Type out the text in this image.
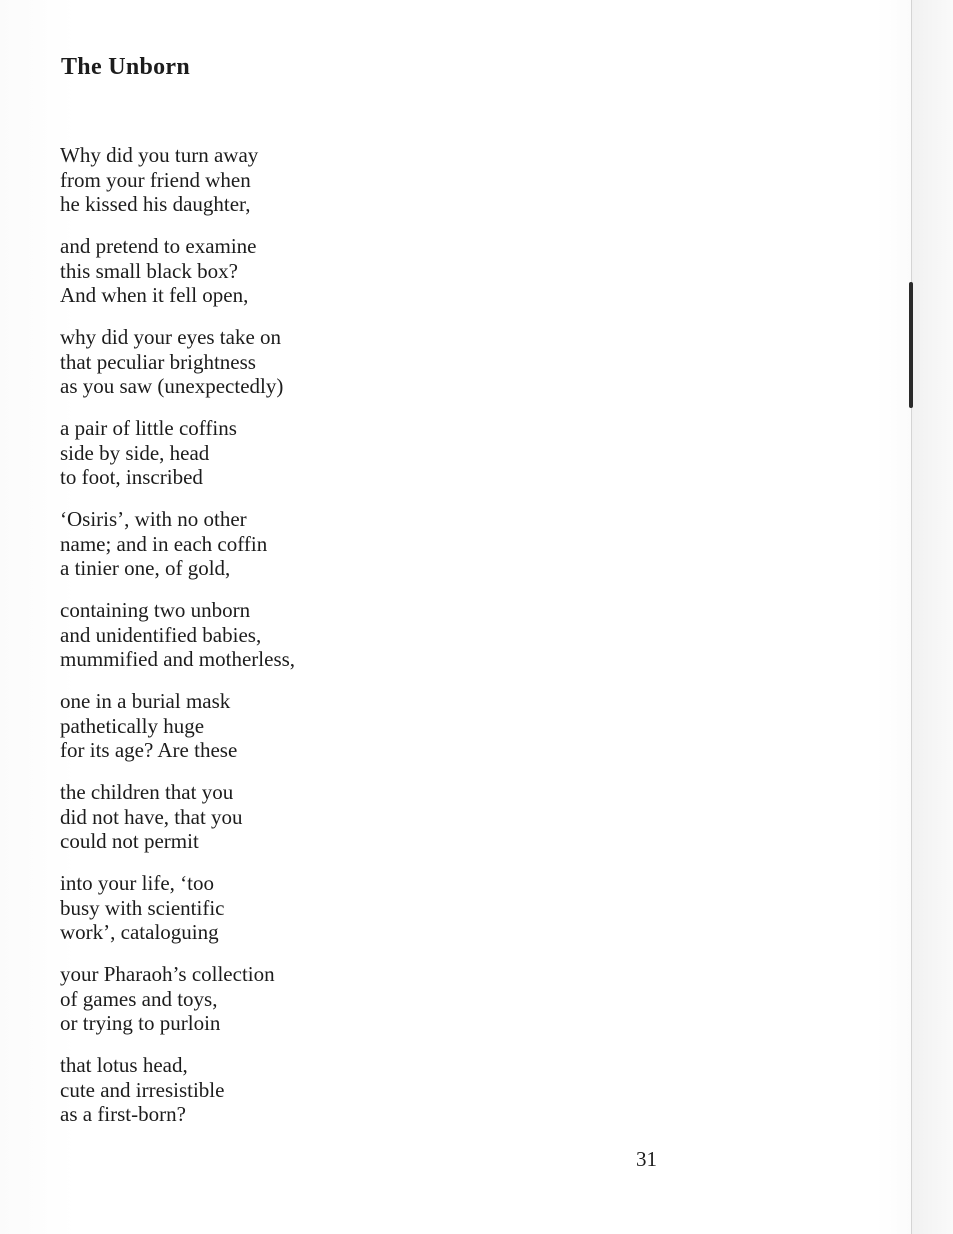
The Unborn

Why did you turn away
from your friend when
he kissed his daughter,

and pretend to examine
this small black box?
And when it fell open,

why did your eyes take on
that peculiar brightness
as you saw (unexpectedly)

a pair of little coffins
side by side, head
to foot, inscribed

‘Osiris’, with no other
name; and in each coffin
a tinier one, of gold,

containing two unborn
and unidentified babies,
mummified and motherless,

one in a burial mask
pathetically huge
for its age? Are these

the children that you
did not have, that you
could not permit

into your life, ‘too
busy with scientific
work’, cataloguing

your Pharaoh’s collection
of games and toys,
or trying to purloin

that lotus head,
cute and irresistible
as a first-born?

31
